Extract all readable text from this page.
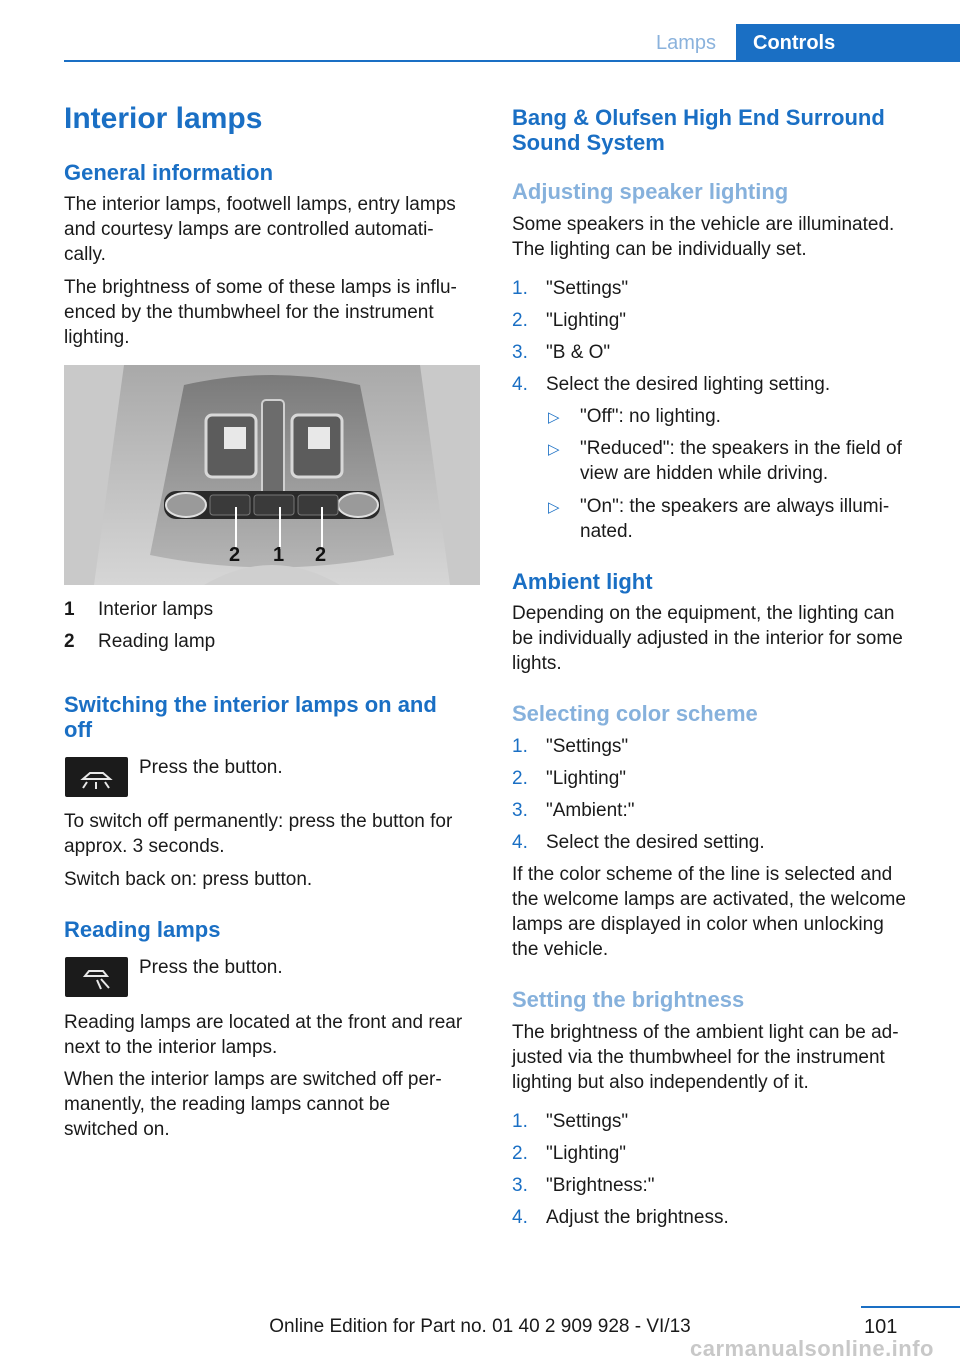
Lamps	Controls
Interior lamps
General information
The interior lamps, footwell lamps, entry lamps
and courtesy lamps are controlled automati‐
cally.
The brightness of some of these lamps is influ‐
enced by the thumbwheel for the instrument
lighting.
2 1 2
1 Interior lamps
2 Reading lamp
Switching the interior lamps on and
off
Press the button.
To switch off permanently: press the button for
approx. 3 seconds.
Switch back on: press button.
Reading lamps
Press the button.
Reading lamps are located at the front and rear
next to the interior lamps.
When the interior lamps are switched off per‐
manently, the reading lamps cannot be
switched on.
Bang & Olufsen High End Surround
Sound System
Adjusting speaker lighting
Some speakers in the vehicle are illuminated.
The lighting can be individually set.
1. "Settings"
2. "Lighting"
3. "B & O"
4. Select the desired lighting setting.
▷ "Off": no lighting.
▷ "Reduced": the speakers in the field of
view are hidden while driving.
▷ "On": the speakers are always illumi‐
nated.
Ambient light
Depending on the equipment, the lighting can
be individually adjusted in the interior for some
lights.
Selecting color scheme
1. "Settings"
2. "Lighting"
3. "Ambient:"
4. Select the desired setting.
If the color scheme of the line is selected and
the welcome lamps are activated, the welcome
lamps are displayed in color when unlocking
the vehicle.
Setting the brightness
The brightness of the ambient light can be ad‐
justed via the thumbwheel for the instrument
lighting but also independently of it.
1. "Settings"
2. "Lighting"
3. "Brightness:"
4. Adjust the brightness.
101
Online Edition for Part no. 01 40 2 909 928 - VI/13
carmanualsonline.info
